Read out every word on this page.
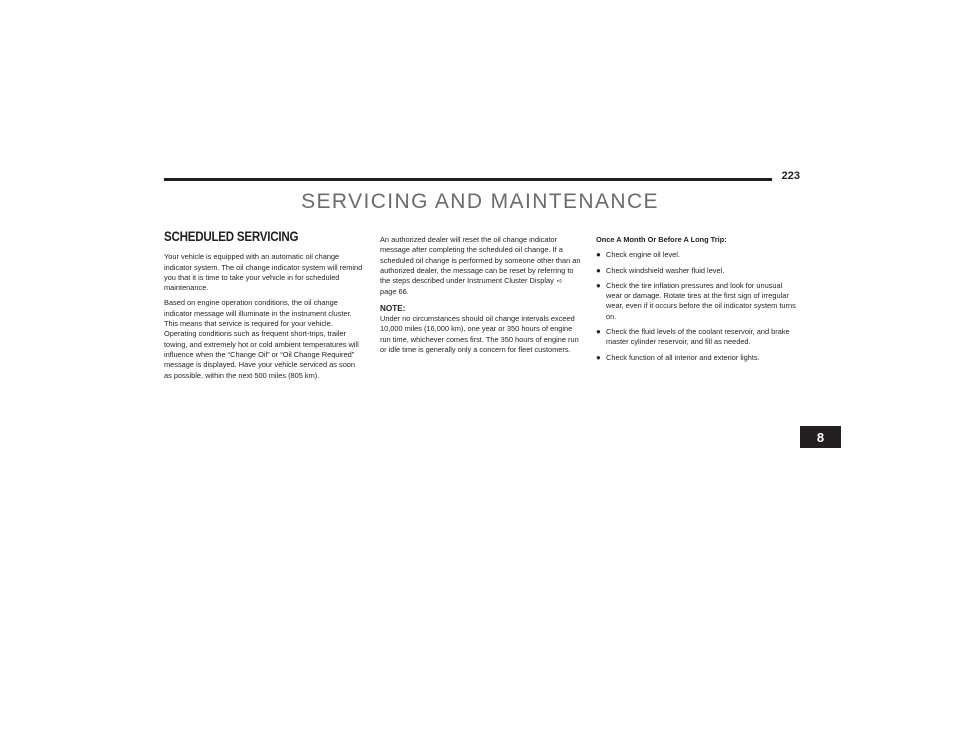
223
SERVICING AND MAINTENANCE
8
SCHEDULED SERVICING

Your vehicle is equipped with an automatic oil change indicator system. The oil change indicator system will remind you that it is time to take your vehicle in for scheduled maintenance.

Based on engine operation conditions, the oil change indicator message will illuminate in the instrument cluster. This means that service is required for your vehicle. Operating conditions such as frequent short-trips, trailer towing, and extremely hot or cold ambient temperatures will influence when the “Change Oil” or “Oil Change Required” message is displayed. Have your vehicle serviced as soon as possible, within the next 500 miles (805 km).

An authorized dealer will reset the oil change indicator message after completing the scheduled oil change. If a scheduled oil change is performed by someone other than an authorized dealer, the message can be reset by referring to the steps described under Instrument Cluster Display ➪ page 66.

NOTE:

Under no circumstances should oil change intervals exceed 10,000 miles (16,000 km), one year or 350 hours of engine run time, whichever comes first. The 350 hours of engine run or idle time is generally only a concern for fleet customers.

Once A Month Or Before A Long Trip:
● Check engine oil level.
● Check windshield washer fluid level.
● Check the tire inflation pressures and look for unusual wear or damage. Rotate tires at the first sign of irregular wear, even if it occurs before the oil indicator system turns on.
● Check the fluid levels of the coolant reservoir, and brake master cylinder reservoir, and fill as needed.
● Check function of all interior and exterior lights.
